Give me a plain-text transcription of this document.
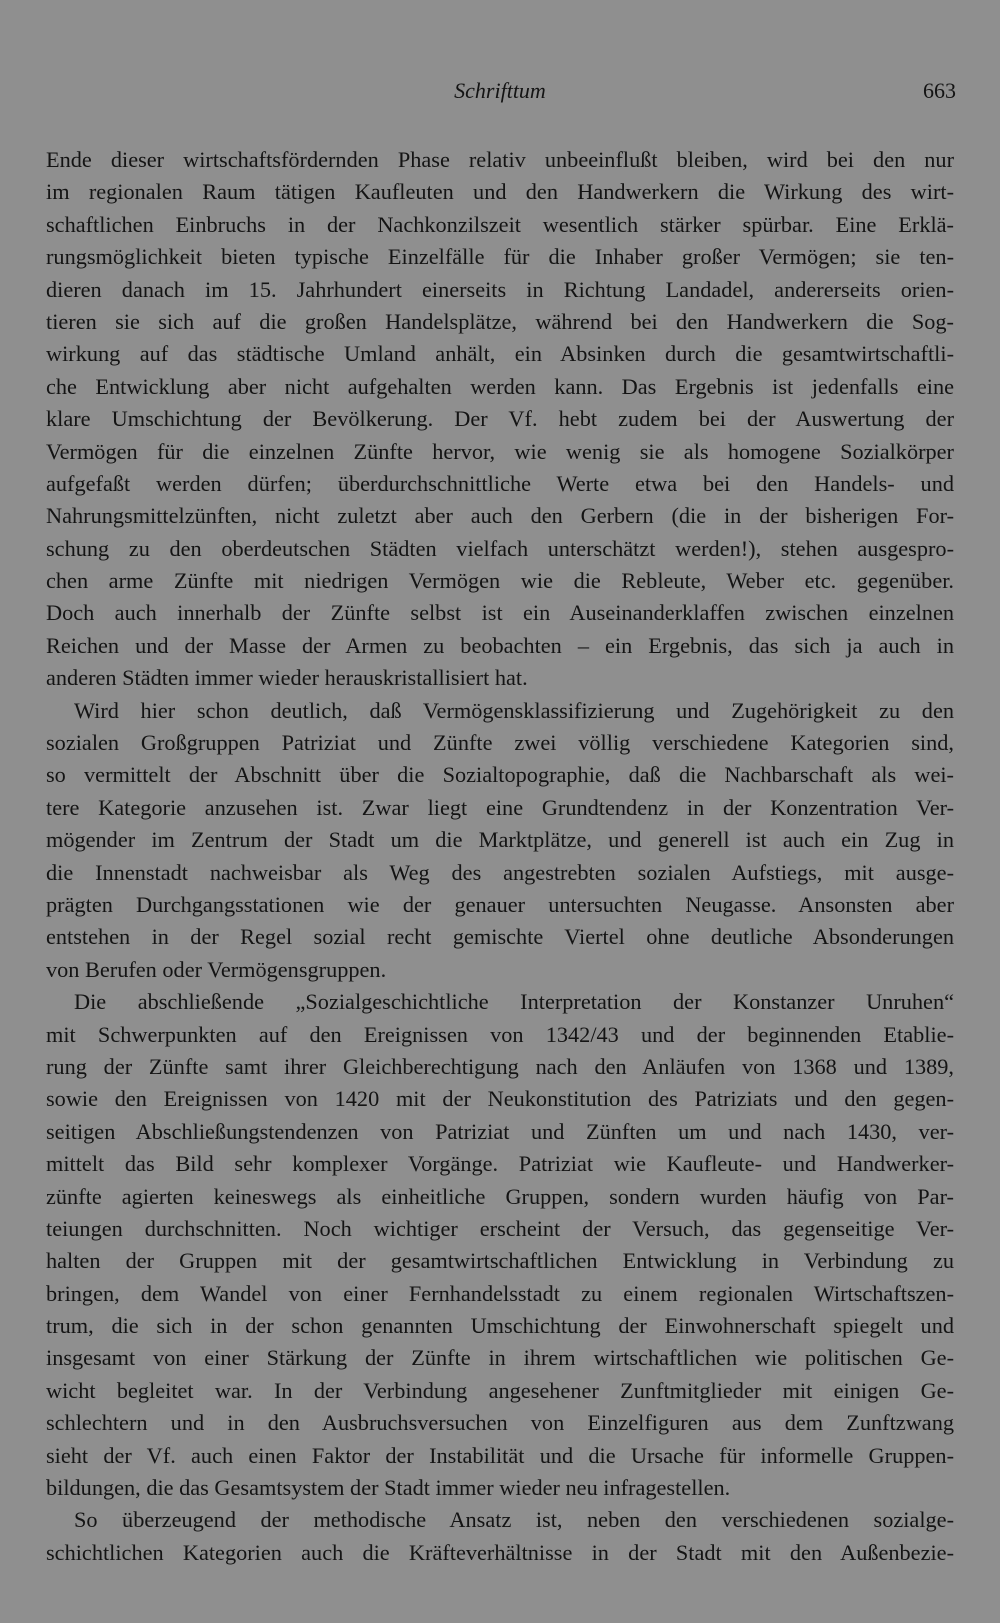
Schrifttum	663
Ende dieser wirtschaftsfördernden Phase relativ unbeeinflußt bleiben, wird bei den nur
im regionalen Raum tätigen Kaufleuten und den Handwerkern die Wirkung des wirt-
schaftlichen Einbruchs in der Nachkonzilszeit wesentlich stärker spürbar. Eine Erklä-
rungsmöglichkeit bieten typische Einzelfälle für die Inhaber großer Vermögen; sie ten-
dieren danach im 15. Jahrhundert einerseits in Richtung Landadel, andererseits orien-
tieren sie sich auf die großen Handelsplätze, während bei den Handwerkern die Sog-
wirkung auf das städtische Umland anhält, ein Absinken durch die gesamtwirtschaftli-
che Entwicklung aber nicht aufgehalten werden kann. Das Ergebnis ist jedenfalls eine
klare Umschichtung der Bevölkerung. Der Vf. hebt zudem bei der Auswertung der
Vermögen für die einzelnen Zünfte hervor, wie wenig sie als homogene Sozialkörper
aufgefaßt werden dürfen; überdurchschnittliche Werte etwa bei den Handels- und
Nahrungsmittelzünften, nicht zuletzt aber auch den Gerbern (die in der bisherigen For-
schung zu den oberdeutschen Städten vielfach unterschätzt werden!), stehen ausgespro-
chen arme Zünfte mit niedrigen Vermögen wie die Rebleute, Weber etc. gegenüber.
Doch auch innerhalb der Zünfte selbst ist ein Auseinanderklaffen zwischen einzelnen
Reichen und der Masse der Armen zu beobachten – ein Ergebnis, das sich ja auch in
anderen Städten immer wieder herauskristallisiert hat.
Wird hier schon deutlich, daß Vermögensklassifizierung und Zugehörigkeit zu den
sozialen Großgruppen Patriziat und Zünfte zwei völlig verschiedene Kategorien sind,
so vermittelt der Abschnitt über die Sozialtopographie, daß die Nachbarschaft als wei-
tere Kategorie anzusehen ist. Zwar liegt eine Grundtendenz in der Konzentration Ver-
mögender im Zentrum der Stadt um die Marktplätze, und generell ist auch ein Zug in
die Innenstadt nachweisbar als Weg des angestrebten sozialen Aufstiegs, mit ausge-
prägten Durchgangsstationen wie der genauer untersuchten Neugasse. Ansonsten aber
entstehen in der Regel sozial recht gemischte Viertel ohne deutliche Absonderungen
von Berufen oder Vermögensgruppen.
Die abschließende „Sozialgeschichtliche Interpretation der Konstanzer Unruhen“
mit Schwerpunkten auf den Ereignissen von 1342/43 und der beginnenden Etablie-
rung der Zünfte samt ihrer Gleichberechtigung nach den Anläufen von 1368 und 1389,
sowie den Ereignissen von 1420 mit der Neukonstitution des Patriziats und den gegen-
seitigen Abschließungstendenzen von Patriziat und Zünften um und nach 1430, ver-
mittelt das Bild sehr komplexer Vorgänge. Patriziat wie Kaufleute- und Handwerker-
zünfte agierten keineswegs als einheitliche Gruppen, sondern wurden häufig von Par-
teiungen durchschnitten. Noch wichtiger erscheint der Versuch, das gegenseitige Ver-
halten der Gruppen mit der gesamtwirtschaftlichen Entwicklung in Verbindung zu
bringen, dem Wandel von einer Fernhandelsstadt zu einem regionalen Wirtschaftszen-
trum, die sich in der schon genannten Umschichtung der Einwohnerschaft spiegelt und
insgesamt von einer Stärkung der Zünfte in ihrem wirtschaftlichen wie politischen Ge-
wicht begleitet war. In der Verbindung angesehener Zunftmitglieder mit einigen Ge-
schlechtern und in den Ausbruchsversuchen von Einzelfiguren aus dem Zunftzwang
sieht der Vf. auch einen Faktor der Instabilität und die Ursache für informelle Gruppen-
bildungen, die das Gesamtsystem der Stadt immer wieder neu infragestellen.
So überzeugend der methodische Ansatz ist, neben den verschiedenen sozialge-
schichtlichen Kategorien auch die Kräfteverhältnisse in der Stadt mit den Außenbezie-
